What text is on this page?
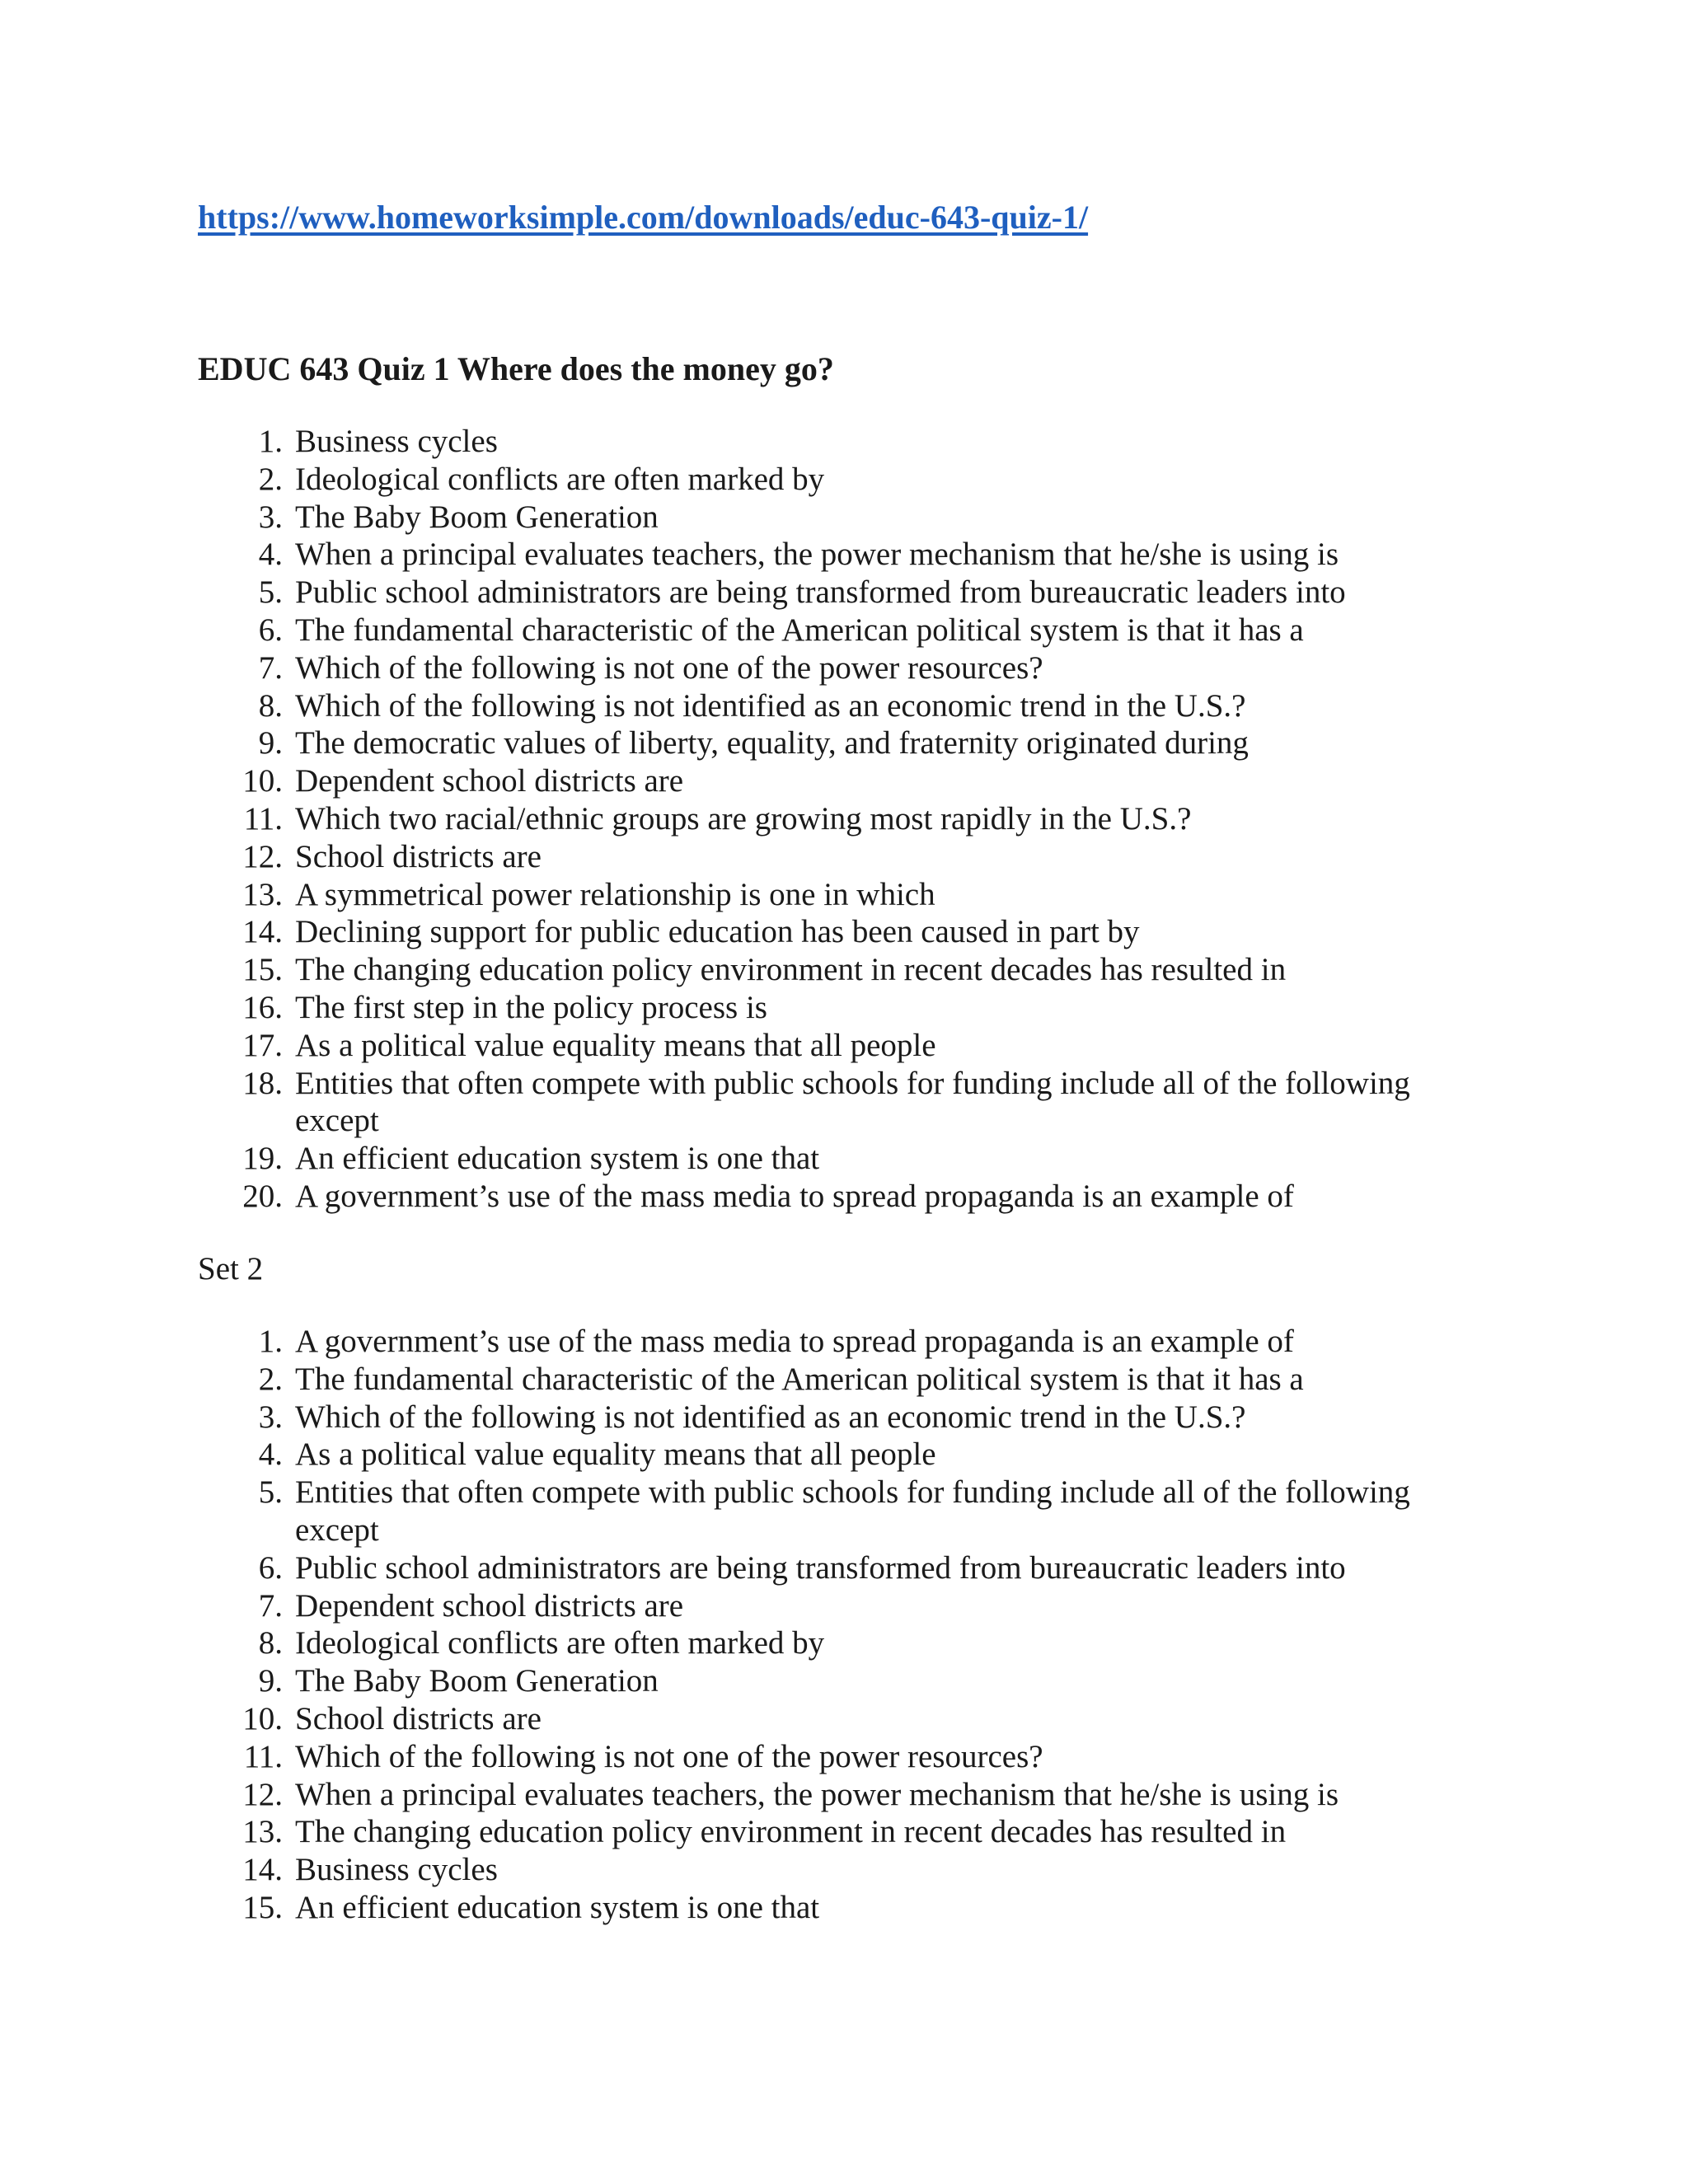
https://www.homeworksimple.com/downloads/educ-643-quiz-1/
EDUC 643 Quiz 1 Where does the money go?
1. Business cycles
2. Ideological conflicts are often marked by
3. The Baby Boom Generation
4. When a principal evaluates teachers, the power mechanism that he/she is using is
5. Public school administrators are being transformed from bureaucratic leaders into
6. The fundamental characteristic of the American political system is that it has a
7. Which of the following is not one of the power resources?
8. Which of the following is not identified as an economic trend in the U.S.?
9. The democratic values of liberty, equality, and fraternity originated during
10. Dependent school districts are
11. Which two racial/ethnic groups are growing most rapidly in the U.S.?
12. School districts are
13. A symmetrical power relationship is one in which
14. Declining support for public education has been caused in part by
15. The changing education policy environment in recent decades has resulted in
16. The first step in the policy process is
17. As a political value equality means that all people
18. Entities that often compete with public schools for funding include all of the following except
19. An efficient education system is one that
20. A government’s use of the mass media to spread propaganda is an example of
Set 2
1. A government’s use of the mass media to spread propaganda is an example of
2. The fundamental characteristic of the American political system is that it has a
3. Which of the following is not identified as an economic trend in the U.S.?
4. As a political value equality means that all people
5. Entities that often compete with public schools for funding include all of the following except
6. Public school administrators are being transformed from bureaucratic leaders into
7. Dependent school districts are
8. Ideological conflicts are often marked by
9. The Baby Boom Generation
10. School districts are
11. Which of the following is not one of the power resources?
12. When a principal evaluates teachers, the power mechanism that he/she is using is
13. The changing education policy environment in recent decades has resulted in
14. Business cycles
15. An efficient education system is one that
